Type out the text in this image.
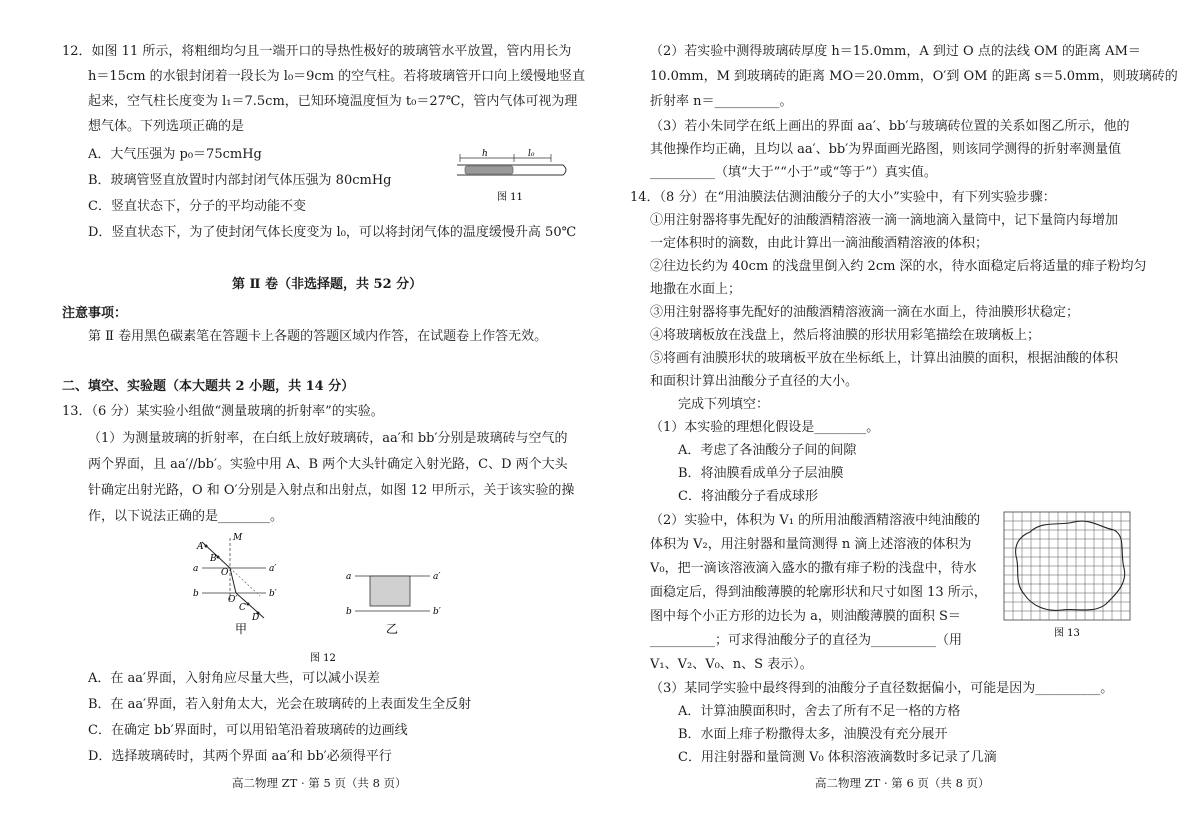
12．如图 11 所示，将粗细均匀且一端开口的导热性极好的玻璃管水平放置，管内用长为
h＝15cm 的水银封闭着一段长为 l₀＝9cm 的空气柱。若将玻璃管开口向上缓慢地竖直
起来，空气柱长度变为 l₁＝7.5cm，已知环境温度恒为 t₀＝27℃，管内气体可视为理
想气体。下列选项正确的是
A．大气压强为 p₀＝75cmHg
B．玻璃管竖直放置时内部封闭气体压强为 80cmHg
C．竖直状态下，分子的平均动能不变
D．竖直状态下，为了使封闭气体长度变为 l₀，可以将封闭气体的温度缓慢升高 50℃
h	l₀
图 11
第 Ⅱ 卷（非选择题，共 52 分）
注意事项：
第 Ⅱ 卷用黑色碳素笔在答题卡上各题的答题区域内作答，在试题卷上作答无效。
二、填空、实验题（本大题共 2 小题，共 14 分）
13．（6 分）某实验小组做“测量玻璃的折射率”的实验。
（1）为测量玻璃的折射率，在白纸上放好玻璃砖，aa′和 bb′分别是玻璃砖与空气的
两个界面，且 aa′//bb′。实验中用 A、B 两个大头针确定入射光路，C、D 两个大头
针确定出射光路，O 和 O′分别是入射点和出射点，如图 12 甲所示，关于该实验的操
作，以下说法正确的是________。
A
B
M
O
O′
C
D
a	a′
b	b′
甲
a	a′
b	b′
乙
图 12
A．在 aa′界面，入射角应尽量大些，可以减小误差
B．在 aa′界面，若入射角太大，光会在玻璃砖的上表面发生全反射
C．在确定 bb′界面时，可以用铅笔沿着玻璃砖的边画线
D．选择玻璃砖时，其两个界面 aa′和 bb′必须得平行
高二物理 ZT · 第 5 页（共 8 页）
（2）若实验中测得玻璃砖厚度 h＝15.0mm，A 到过 O 点的法线 OM 的距离 AM＝
10.0mm，M 到玻璃砖的距离 MO＝20.0mm，O′到 OM 的距离 s＝5.0mm，则玻璃砖的
折射率 n＝__________。
（3）若小朱同学在纸上画出的界面 aa′、bb′与玻璃砖位置的关系如图乙所示，他的
其他操作均正确，且均以 aa′、bb′为界面画光路图，则该同学测得的折射率测量值
__________（填“大于”“小于”或“等于”）真实值。
14．（8 分）在“用油膜法估测油酸分子的大小”实验中，有下列实验步骤：
①用注射器将事先配好的油酸酒精溶液一滴一滴地滴入量筒中，记下量筒内每增加
一定体积时的滴数，由此计算出一滴油酸酒精溶液的体积；
②往边长约为 40cm 的浅盘里倒入约 2cm 深的水，待水面稳定后将适量的痱子粉均匀
地撒在水面上；
③用注射器将事先配好的油酸酒精溶液滴一滴在水面上，待油膜形状稳定；
④将玻璃板放在浅盘上，然后将油膜的形状用彩笔描绘在玻璃板上；
⑤将画有油膜形状的玻璃板平放在坐标纸上，计算出油膜的面积，根据油酸的体积
和面积计算出油酸分子直径的大小。
完成下列填空：
（1）本实验的理想化假设是________。
A．考虑了各油酸分子间的间隙
B．将油膜看成单分子层油膜
C．将油酸分子看成球形
（2）实验中，体积为 V₁ 的所用油酸酒精溶液中纯油酸的
体积为 V₂，用注射器和量筒测得 n 滴上述溶液的体积为
V₀，把一滴该溶液滴入盛水的撒有痱子粉的浅盘中，待水
面稳定后，得到油酸薄膜的轮廓形状和尺寸如图 13 所示，
图中每个小正方形的边长为 a，则油酸薄膜的面积 S＝
__________；可求得油酸分子的直径为__________（用
V₁、V₂、V₀、n、S 表示）。
图 13
（3）某同学实验中最终得到的油酸分子直径数据偏小，可能是因为__________。
A．计算油膜面积时，舍去了所有不足一格的方格
B．水面上痱子粉撒得太多，油膜没有充分展开
C．用注射器和量筒测 V₀ 体积溶液滴数时多记录了几滴
高二物理 ZT · 第 6 页（共 8 页）
